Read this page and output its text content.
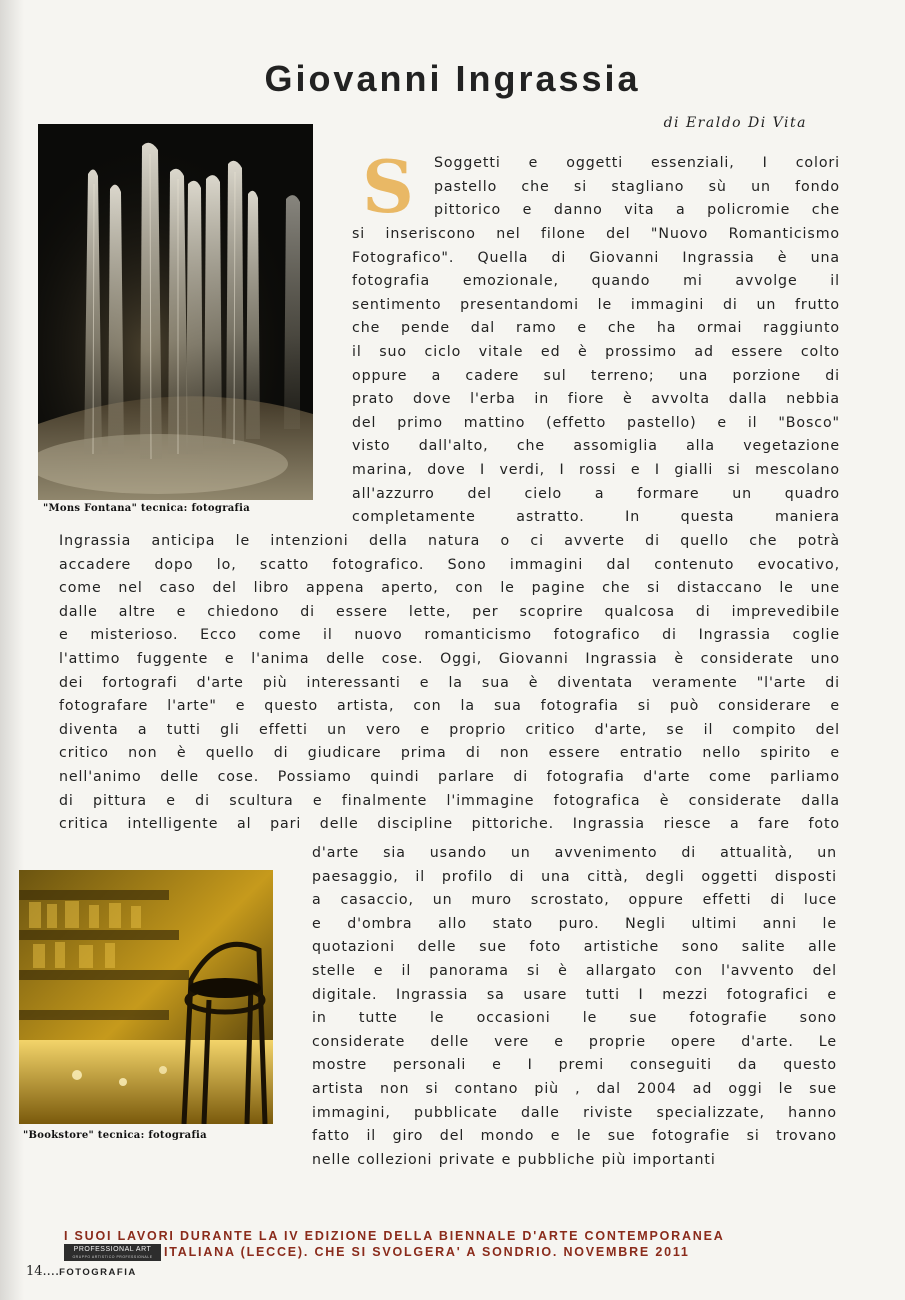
Giovanni Ingrassia
di Eraldo Di Vita
"Mons Fontana" tecnica: fotografia
S	Soggetti e oggetti essenziali, I colori
pastello che si stagliano sù un fondo
pittorico e danno vita a policromie che
si inseriscono nel filone del "Nuovo Romanticismo
Fotografico". Quella di Giovanni Ingrassia è una
fotografia emozionale, quando mi avvolge il
sentimento presentandomi le immagini di un frutto
che pende dal ramo e che ha ormai raggiunto
il suo ciclo vitale ed è prossimo ad essere colto
oppure a cadere sul terreno; una porzione di
prato dove l'erba in fiore è avvolta dalla nebbia
del primo mattino (effetto pastello) e il "Bosco"
visto dall'alto, che assomiglia alla vegetazione
marina, dove I verdi, I rossi e I gialli si mescolano
all'azzurro del cielo a formare un quadro
completamente astratto. In questa maniera
Ingrassia anticipa le intenzioni della natura o ci avverte di quello che potrà
accadere dopo lo, scatto fotografico. Sono immagini dal contenuto evocativo,
come nel caso del libro appena aperto, con le pagine che si distaccano le une
dalle altre e chiedono di essere lette, per scoprire qualcosa di imprevedibile
e misterioso. Ecco come il nuovo romanticismo fotografico di Ingrassia coglie
l'attimo fuggente e l'anima delle cose. Oggi, Giovanni Ingrassia è considerate uno
dei fortografi d'arte più interessanti e la sua è diventata veramente "l'arte di
fotografare l'arte" e questo artista, con la sua fotografia si può considerare e
diventa a tutti gli effetti un vero e proprio critico d'arte, se il compito del
critico non è quello di giudicare prima di non essere entratio nello spirito e
nell'animo delle cose. Possiamo quindi parlare di fotografia d'arte come parliamo
di pittura e di scultura e finalmente l'immagine fotografica è considerate dalla
critica intelligente al pari delle discipline pittoriche. Ingrassia riesce a fare foto
"Bookstore" tecnica: fotografia
d'arte sia usando un avvenimento di attualità, un
paesaggio, il profilo di una città, degli oggetti disposti
a casaccio, un muro scrostato, oppure effetti di luce
e d'ombra allo stato puro. Negli ultimi anni le
quotazioni delle sue foto artistiche sono salite alle
stelle e il panorama si è allargato con l'avvento del
digitale. Ingrassia sa usare tutti I mezzi fotografici e
in tutte le occasioni le sue fotografie sono
considerate delle vere e proprie opere d'arte. Le
mostre personali e I premi conseguiti da questo
artista non si contano più , dal 2004 ad oggi le sue
immagini, pubblicate dalle riviste specializzate, hanno
fatto il giro del mondo e le sue fotografie si trovano
nelle collezioni private e pubbliche più importanti
I SUOI LAVORI DURANTE LA IV EDIZIONE DELLA BIENNALE D'ARTE CONTEMPORANEA
ITALIANA (LECCE). CHE SI SVOLGERA' A SONDRIO. NOVEMBRE 2011
PROFESSIONAL ART
GRUPPO ARTISTICO PROFESSIONALE
14....FOTOGRAFIA
